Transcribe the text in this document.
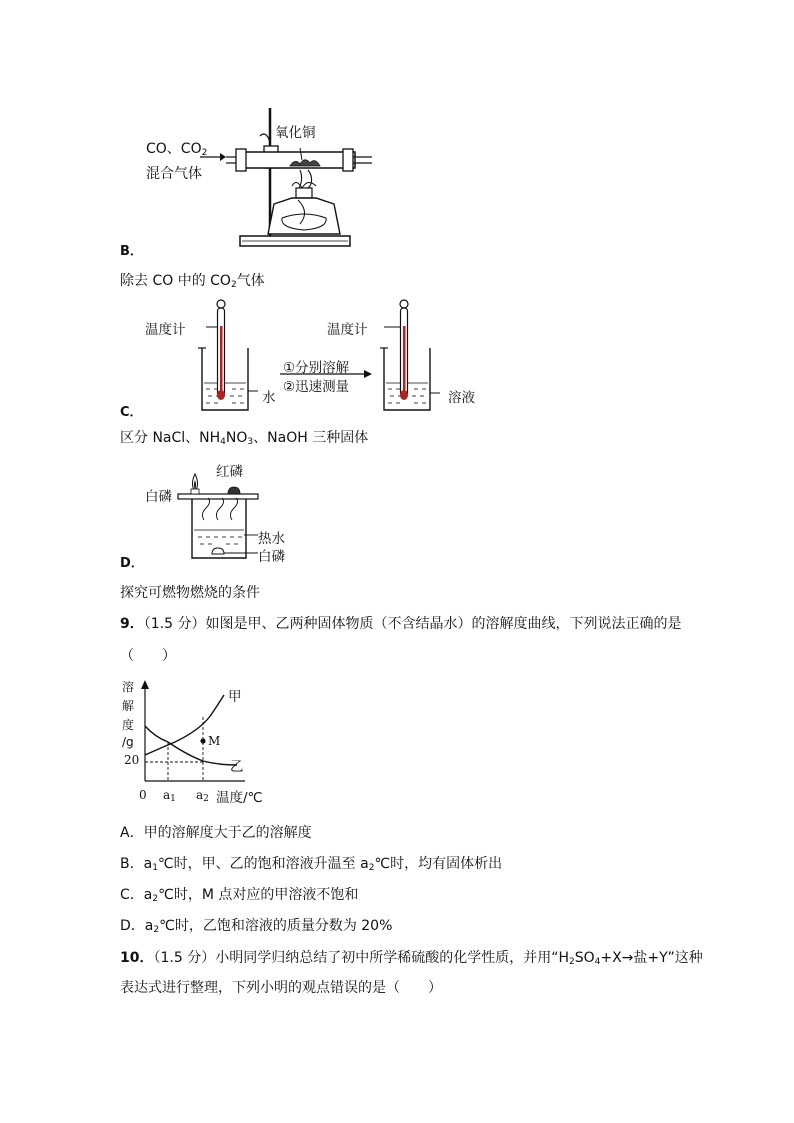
CO、$CO_2$
混合气体
氧化铜
B．
除去 CO 中的 $CO_2$气体
温度计	温度计
水
①分别溶解
②迅速测量
溶液
C．
区分 NaCl、$NH_4NO_3$、NaOH 三种固体
红磷
白磷
热水
白磷
D．
探究可燃物燃烧的条件
9．（1.5 分）如图是甲、乙两种固体物质（不含结晶水）的溶解度曲线，下列说法正确的是
（　　）
溶
解
度
/g
20
0 $a_1$ $a_2$ 温度/℃
甲
乙
M
A．甲的溶解度大于乙的溶解度
B．$a_1℃$时，甲、乙的饱和溶液升温至 $a_2℃$时，均有固体析出
C．$a_2℃$时，M 点对应的甲溶液不饱和
D．$a_2℃$时，乙饱和溶液的质量分数为 20%
10．（1.5 分）小明同学归纳总结了初中所学稀硫酸的化学性质，并用“$H_2SO_4+X\to$盐+Y”这种
表达式进行整理，下列小明的观点错误的是（　　）
